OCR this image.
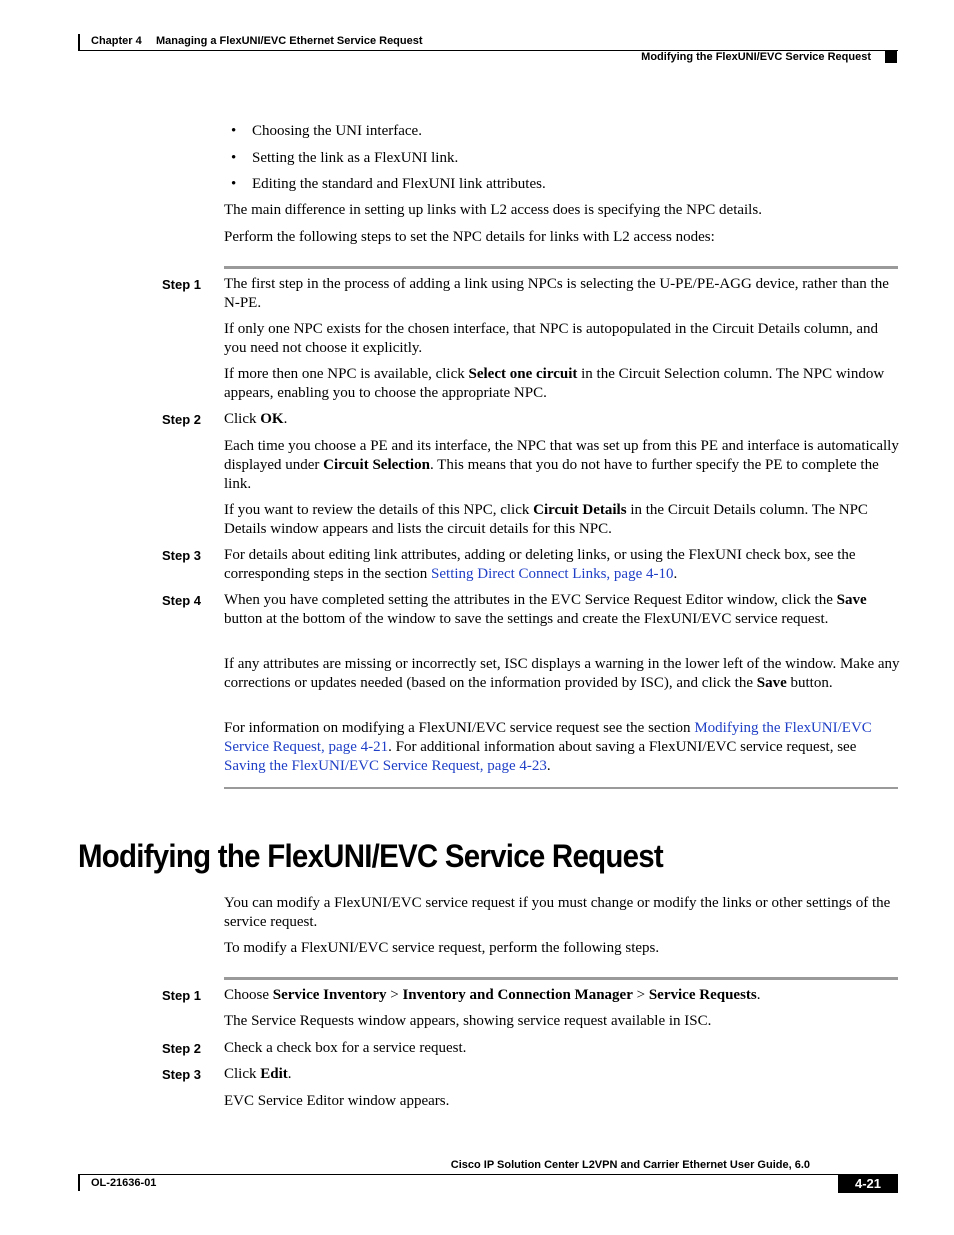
Chapter 4 Managing a FlexUNI/EVC Ethernet Service Request
Modifying the FlexUNI/EVC Service Request
• Choosing the UNI interface.
• Setting the link as a FlexUNI link.
• Editing the standard and FlexUNI link attributes.
The main difference in setting up links with L2 access does is specifying the NPC details.
Perform the following steps to set the NPC details for links with L2 access nodes:
Step 1 The first step in the process of adding a link using NPCs is selecting the U-PE/PE-AGG device, rather than the N-PE.
If only one NPC exists for the chosen interface, that NPC is autopopulated in the Circuit Details column, and you need not choose it explicitly.
If more then one NPC is available, click Select one circuit in the Circuit Selection column. The NPC window appears, enabling you to choose the appropriate NPC.
Step 2 Click OK.
Each time you choose a PE and its interface, the NPC that was set up from this PE and interface is automatically displayed under Circuit Selection. This means that you do not have to further specify the PE to complete the link.
If you want to review the details of this NPC, click Circuit Details in the Circuit Details column. The NPC Details window appears and lists the circuit details for this NPC.
Step 3 For details about editing link attributes, adding or deleting links, or using the FlexUNI check box, see the corresponding steps in the section Setting Direct Connect Links, page 4-10.
Step 4 When you have completed setting the attributes in the EVC Service Request Editor window, click the Save button at the bottom of the window to save the settings and create the FlexUNI/EVC service request.
If any attributes are missing or incorrectly set, ISC displays a warning in the lower left of the window. Make any corrections or updates needed (based on the information provided by ISC), and click the Save button.
For information on modifying a FlexUNI/EVC service request see the section Modifying the FlexUNI/EVC Service Request, page 4-21. For additional information about saving a FlexUNI/EVC service request, see Saving the FlexUNI/EVC Service Request, page 4-23.
Modifying the FlexUNI/EVC Service Request
You can modify a FlexUNI/EVC service request if you must change or modify the links or other settings of the service request.
To modify a FlexUNI/EVC service request, perform the following steps.
Step 1 Choose Service Inventory > Inventory and Connection Manager > Service Requests.
The Service Requests window appears, showing service request available in ISC.
Step 2 Check a check box for a service request.
Step 3 Click Edit.
EVC Service Editor window appears.
Cisco IP Solution Center L2VPN and Carrier Ethernet User Guide, 6.0
OL-21636-01	4-21
